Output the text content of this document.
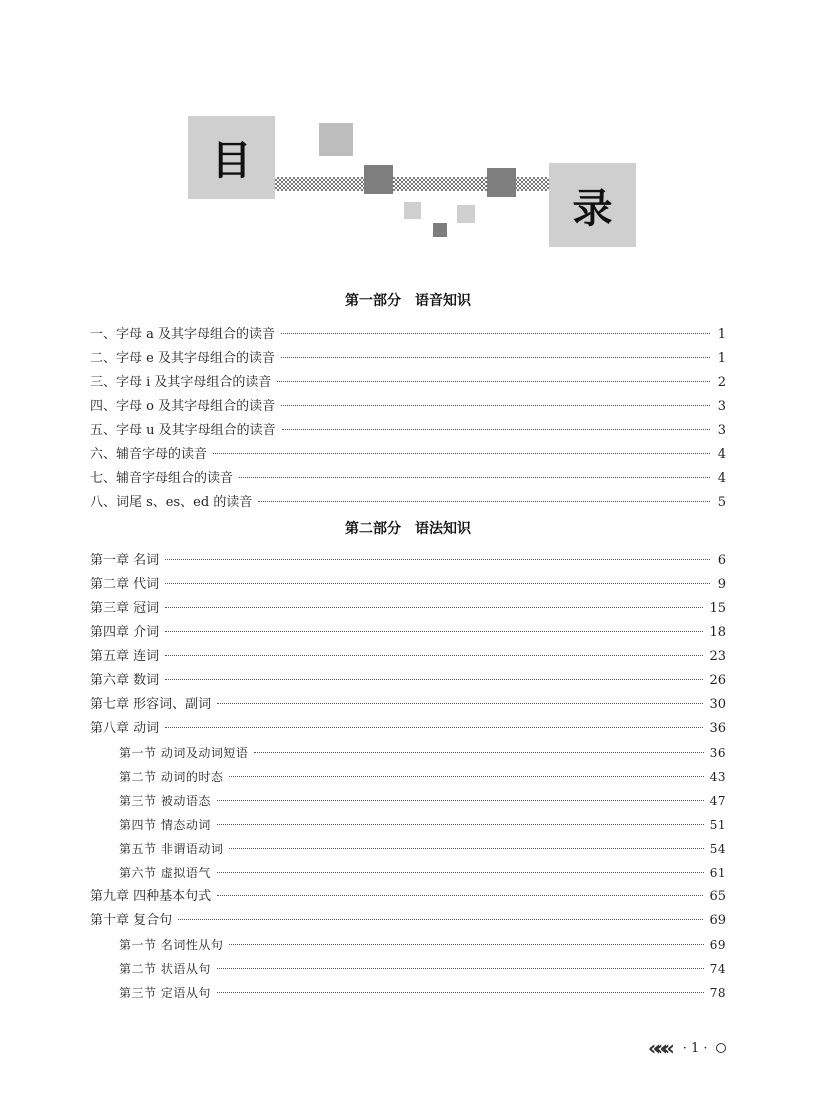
目
录
第一部分　语音知识
一、字母 a 及其字母组合的读音	1
二、字母 e 及其字母组合的读音	1
三、字母 i 及其字母组合的读音	2
四、字母 o 及其字母组合的读音	3
五、字母 u 及其字母组合的读音	3
六、辅音字母的读音	4
七、辅音字母组合的读音	4
八、词尾 s、es、ed 的读音	5
第二部分　语法知识
第一章 名词	6
第二章 代词	9
第三章 冠词	15
第四章 介词	18
第五章 连词	23
第六章 数词	26
第七章 形容词、副词	30
第八章 动词	36
第一节 动词及动词短语	36
第二节 动词的时态	43
第三节 被动语态	47
第四节 情态动词	51
第五节 非谓语动词	54
第六节 虚拟语气	61
第九章 四种基本句式	65
第十章 复合句	69
第一节 名词性从句	69
第二节 状语从句	74
第三节 定语从句	78
««« · 1 ·
